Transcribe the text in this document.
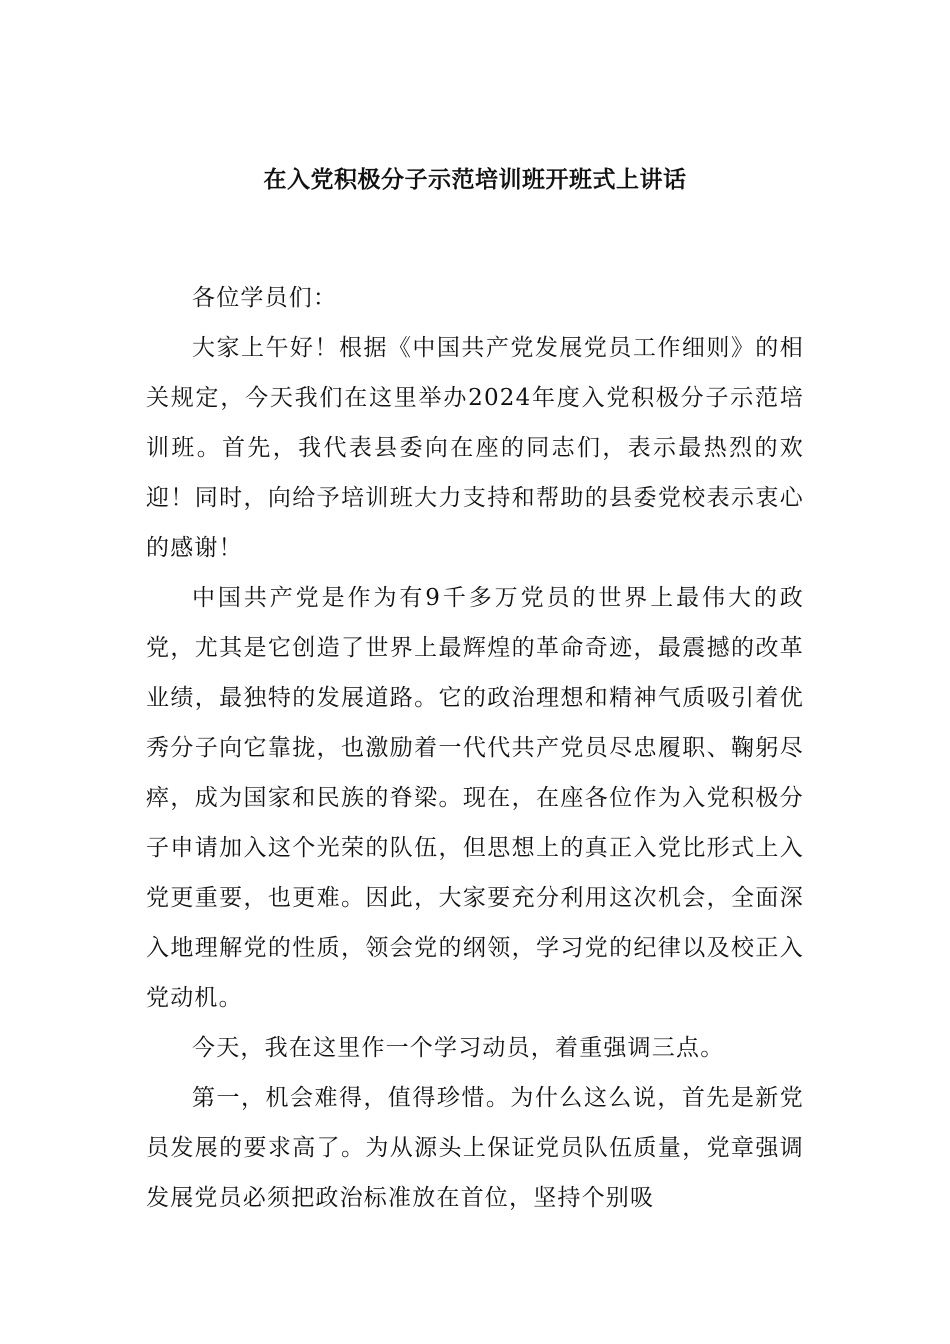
在入党积极分子示范培训班开班式上讲话

各位学员们：

大家上午好！根据《中国共产党发展党员工作细则》的相关规定，今天我们在这里举办2024年度入党积极分子示范培训班。首先，我代表县委向在座的同志们，表示最热烈的欢迎！同时，向给予培训班大力支持和帮助的县委党校表示衷心的感谢！

中国共产党是作为有9千多万党员的世界上最伟大的政党，尤其是它创造了世界上最辉煌的革命奇迹，最震撼的改革业绩，最独特的发展道路。它的政治理想和精神气质吸引着优秀分子向它靠拢，也激励着一代代共产党员尽忠履职、鞠躬尽瘁，成为国家和民族的脊梁。现在，在座各位作为入党积极分子申请加入这个光荣的队伍，但思想上的真正入党比形式上入党更重要，也更难。因此，大家要充分利用这次机会，全面深入地理解党的性质，领会党的纲领，学习党的纪律以及校正入党动机。

今天，我在这里作一个学习动员，着重强调三点。

第一，机会难得，值得珍惜。为什么这么说，首先是新党员发展的要求高了。为从源头上保证党员队伍质量，党章强调发展党员必须把政治标准放在首位，坚持个别吸
